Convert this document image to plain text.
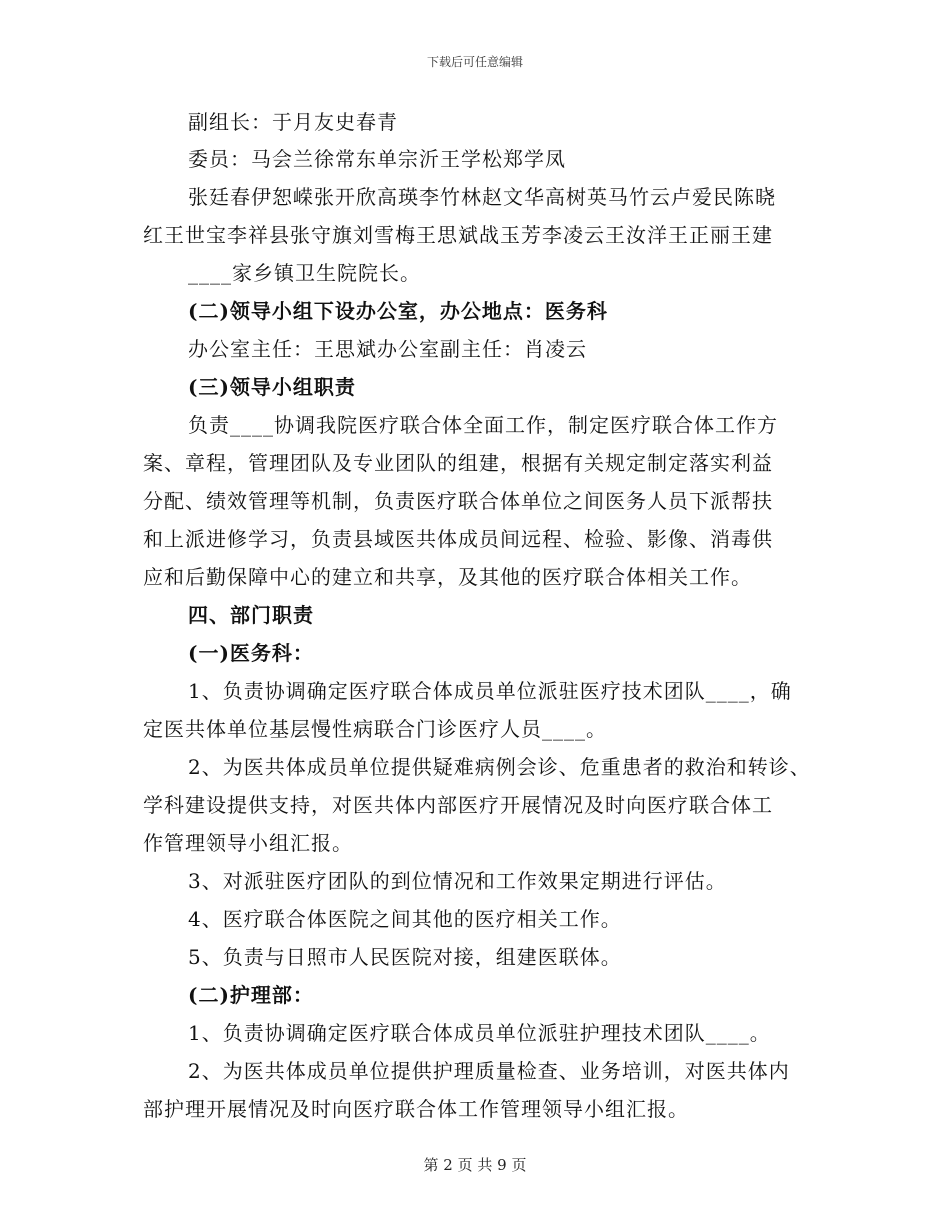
下载后可任意编辑
副组长：于月友史春青
委员：马会兰徐常东单宗沂王学松郑学凤
张廷春伊恕嵘张开欣高瑛李竹林赵文华高树英马竹云卢爱民陈晓
红王世宝李祥县张守旗刘雪梅王思斌战玉芳李凌云王汝洋王正丽王建
____家乡镇卫生院院长。
(二)领导小组下设办公室，办公地点：医务科
办公室主任：王思斌办公室副主任：肖凌云
(三)领导小组职责
负责____协调我院医疗联合体全面工作，制定医疗联合体工作方
案、章程，管理团队及专业团队的组建，根据有关规定制定落实利益
分配、绩效管理等机制，负责医疗联合体单位之间医务人员下派帮扶
和上派进修学习，负责县域医共体成员间远程、检验、影像、消毒供
应和后勤保障中心的建立和共享，及其他的医疗联合体相关工作。
四、部门职责
(一)医务科：
1、负责协调确定医疗联合体成员单位派驻医疗技术团队____，确
定医共体单位基层慢性病联合门诊医疗人员____。
2、为医共体成员单位提供疑难病例会诊、危重患者的救治和转诊、
学科建设提供支持，对医共体内部医疗开展情况及时向医疗联合体工
作管理领导小组汇报。
3、对派驻医疗团队的到位情况和工作效果定期进行评估。
4、医疗联合体医院之间其他的医疗相关工作。
5、负责与日照市人民医院对接，组建医联体。
(二)护理部：
1、负责协调确定医疗联合体成员单位派驻护理技术团队____。
2、为医共体成员单位提供护理质量检查、业务培训，对医共体内
部护理开展情况及时向医疗联合体工作管理领导小组汇报。
第 2 页 共 9 页
